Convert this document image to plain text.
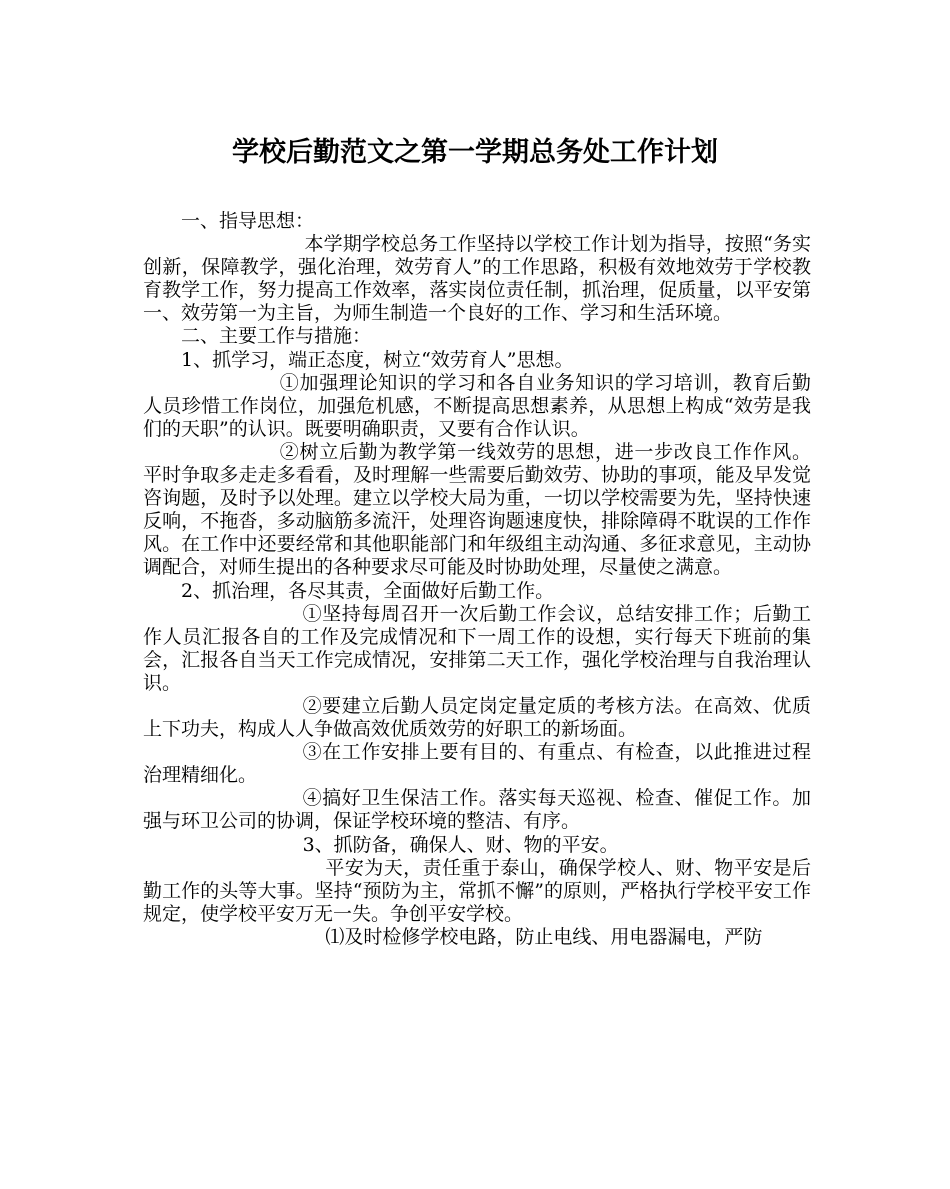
学校后勤范文之第一学期总务处工作计划

一、指导思想：

本学期学校总务工作坚持以学校工作计划为指导，按照“务实创新，保障教学，强化治理，效劳育人”的工作思路，积极有效地效劳于学校教育教学工作，努力提高工作效率，落实岗位责任制，抓治理，促质量，以平安第一、效劳第一为主旨，为师生制造一个良好的工作、学习和生活环境。

二、主要工作与措施：

1、抓学习，端正态度，树立“效劳育人”思想。

①加强理论知识的学习和各自业务知识的学习培训，教育后勤人员珍惜工作岗位，加强危机感，不断提高思想素养，从思想上构成“效劳是我们的天职”的认识。既要明确职责，又要有合作认识。

②树立后勤为教学第一线效劳的思想，进一步改良工作作风。平时争取多走走多看看，及时理解一些需要后勤效劳、协助的事项，能及早发觉咨询题，及时予以处理。建立以学校大局为重，一切以学校需要为先，坚持快速反响，不拖沓，多动脑筋多流汗，处理咨询题速度快，排除障碍不耽误的工作作风。在工作中还要经常和其他职能部门和年级组主动沟通、多征求意见，主动协调配合，对师生提出的各种要求尽可能及时协助处理，尽量使之满意。

2、抓治理，各尽其责，全面做好后勤工作。

①坚持每周召开一次后勤工作会议，总结安排工作；后勤工作人员汇报各自的工作及完成情况和下一周工作的设想，实行每天下班前的集会，汇报各自当天工作完成情况，安排第二天工作，强化学校治理与自我治理认识。

②要建立后勤人员定岗定量定质的考核方法。在高效、优质上下功夫，构成人人争做高效优质效劳的好职工的新场面。

③在工作安排上要有目的、有重点、有检查，以此推进过程治理精细化。

④搞好卫生保洁工作。落实每天巡视、检查、催促工作。加强与环卫公司的协调，保证学校环境的整洁、有序。

3、抓防备，确保人、财、物的平安。

平安为天，责任重于泰山，确保学校人、财、物平安是后勤工作的头等大事。坚持“预防为主，常抓不懈”的原则，严格执行学校平安工作规定，使学校平安万无一失。争创平安学校。

⑴及时检修学校电路，防止电线、用电器漏电，严防
